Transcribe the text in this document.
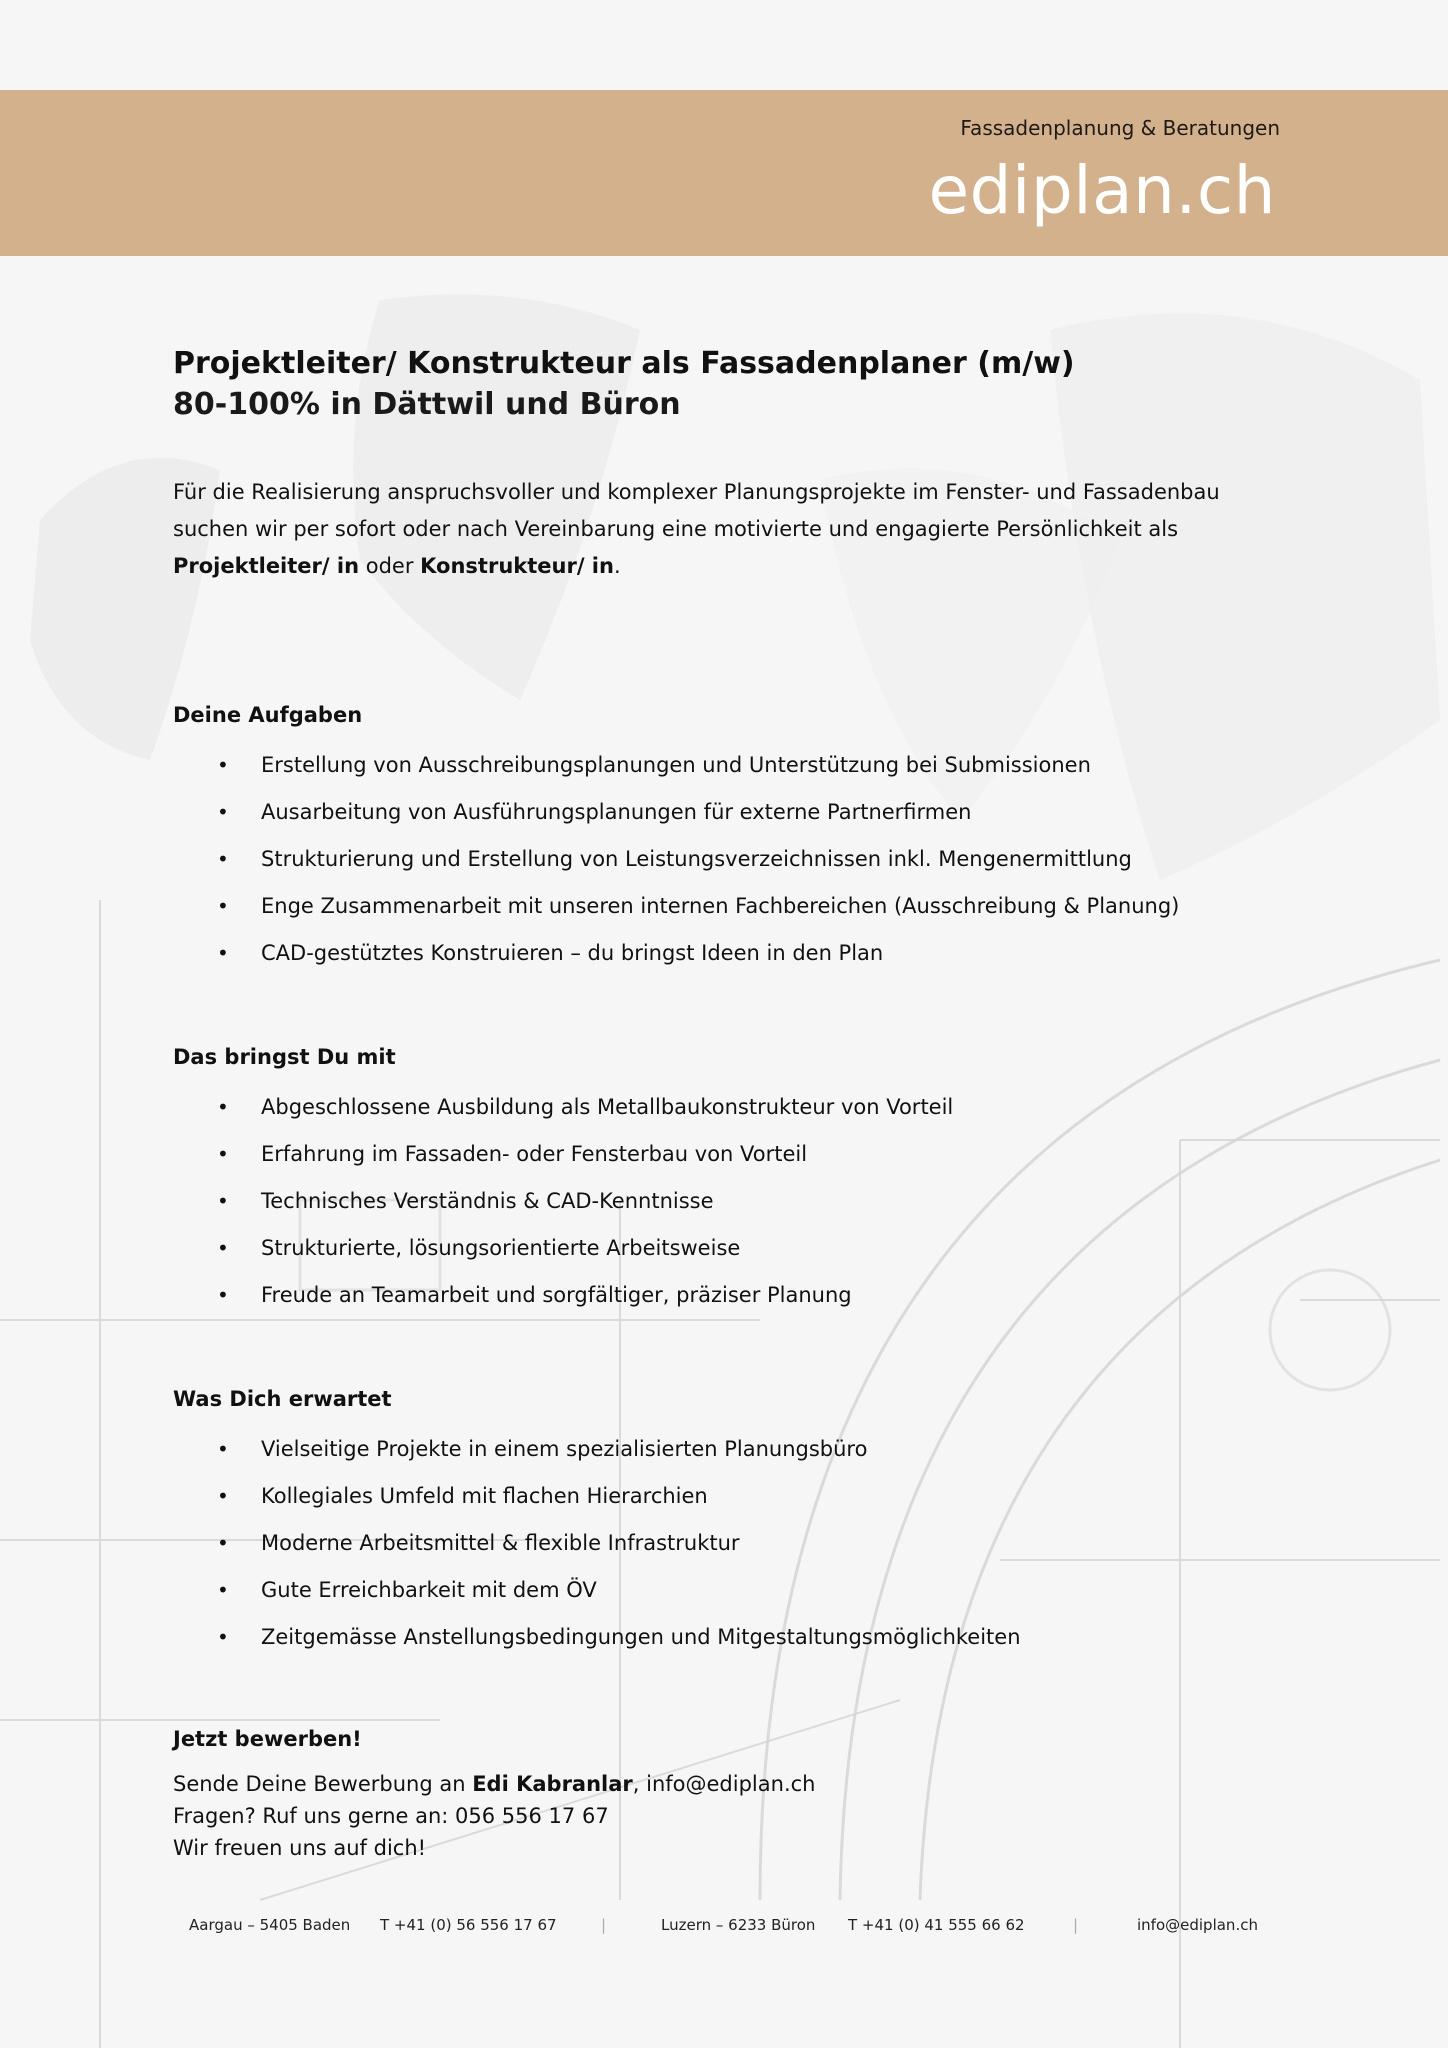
Fassadenplanung & Beratungen
ediplan.ch
Projektleiter/ Konstrukteur als Fassadenplaner (m/w)
80-100% in Dättwil und Büron
Für die Realisierung anspruchsvoller und komplexer Planungsprojekte im Fenster- und Fassadenbau
suchen wir per sofort oder nach Vereinbarung eine motivierte und engagierte Persönlichkeit als
Projektleiter/ in oder Konstrukteur/ in.
Deine Aufgaben
• Erstellung von Ausschreibungsplanungen und Unterstützung bei Submissionen
• Ausarbeitung von Ausführungsplanungen für externe Partnerfirmen
• Strukturierung und Erstellung von Leistungsverzeichnissen inkl. Mengenermittlung
• Enge Zusammenarbeit mit unseren internen Fachbereichen (Ausschreibung & Planung)
• CAD-gestütztes Konstruieren – du bringst Ideen in den Plan
Das bringst Du mit
• Abgeschlossene Ausbildung als Metallbaukonstrukteur von Vorteil
• Erfahrung im Fassaden- oder Fensterbau von Vorteil
• Technisches Verständnis & CAD-Kenntnisse
• Strukturierte, lösungsorientierte Arbeitsweise
• Freude an Teamarbeit und sorgfältiger, präziser Planung
Was Dich erwartet
• Vielseitige Projekte in einem spezialisierten Planungsbüro
• Kollegiales Umfeld mit flachen Hierarchien
• Moderne Arbeitsmittel & flexible Infrastruktur
• Gute Erreichbarkeit mit dem ÖV
• Zeitgemässe Anstellungsbedingungen und Mitgestaltungsmöglichkeiten
Jetzt bewerben!

Sende Deine Bewerbung an Edi Kabranlar, info@ediplan.ch

Fragen? Ruf uns gerne an: 056 556 17 67

Wir freuen uns auf dich!

Aargau – 5405 Baden T +41 (0) 56 556 17 67	|	Luzern – 6233 Büron T +41 (0) 41 555 66 62	|	info@ediplan.ch
